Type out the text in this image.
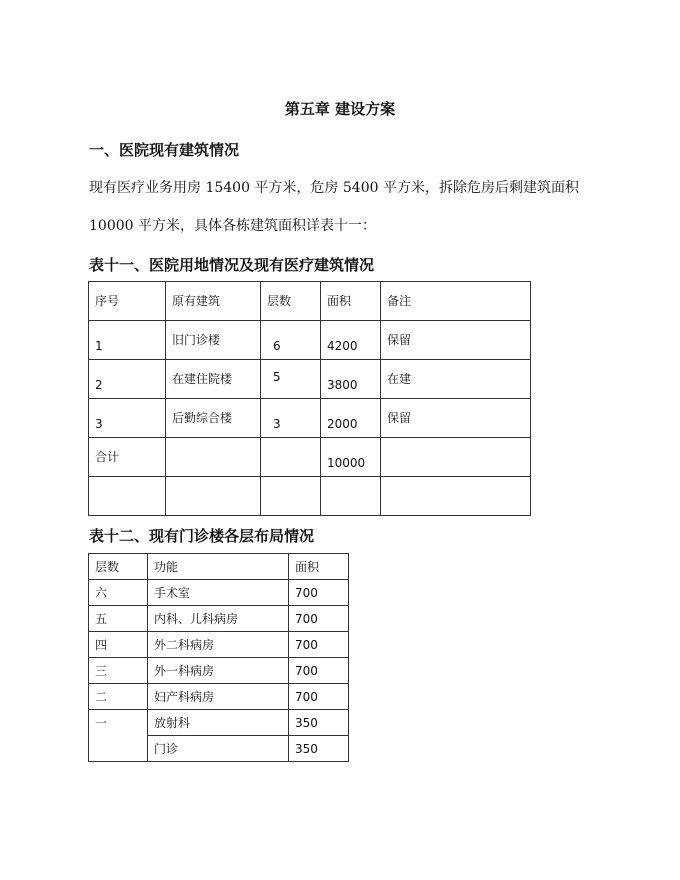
第五章 建设方案
一、医院现有建筑情况

现有医疗业务用房 15400 平方米，危房 5400 平方米，拆除危房后剩建筑面积

10000 平方米，具体各栋建筑面积详表十一：

表十一、医院用地情况及现有医疗建筑情况
序号	原有建筑	层数	面积	备注

1	旧门诊楼	6	4200	保留

2	在建住院楼	5	3800	在建

3	后勤综合楼	3	2000	保留

合计			10000	

表十二、现有门诊楼各层布局情况
层数	功能	面积
六	手术室	700
五	内科、儿科病房	700
四	外二科病房	700
三	外一科病房	700
二	妇产科病房	700
一	放射科	350
	门诊	350
